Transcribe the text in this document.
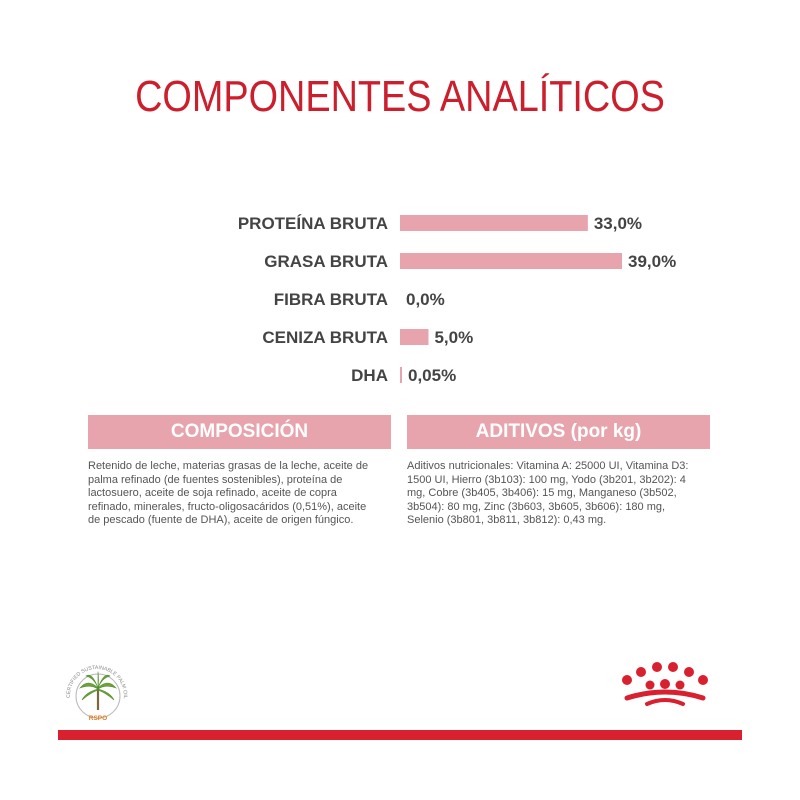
COMPONENTES ANALÍTICOS
PROTEÍNA BRUTA	33,0%
GRASA BRUTA	39,0%
FIBRA BRUTA 0,0%
CENIZA BRUTA	5,0%
DHA 0,05%
COMPOSICIÓN	ADITIVOS (por kg)
Retenido de leche, materias grasas de la leche, aceite de palma refinado (de fuentes sostenibles), proteína de lactosuero, aceite de soja refinado, aceite de copra refinado, minerales, fructo-oligosacáridos (0,51%), aceite de pescado (fuente de DHA), aceite de origen fúngico.
Aditivos nutricionales: Vitamina A: 25000 UI, Vitamina D3: 1500 UI, Hierro (3b103): 100 mg, Yodo (3b201, 3b202): 4 mg, Cobre (3b405, 3b406): 15 mg, Manganeso (3b502, 3b504): 80 mg, Zinc (3b603, 3b605, 3b606): 180 mg, Selenio (3b801, 3b811, 3b812): 0,43 mg.
CERTIFIED SUSTAINABLE PALM OIL
RSPO
